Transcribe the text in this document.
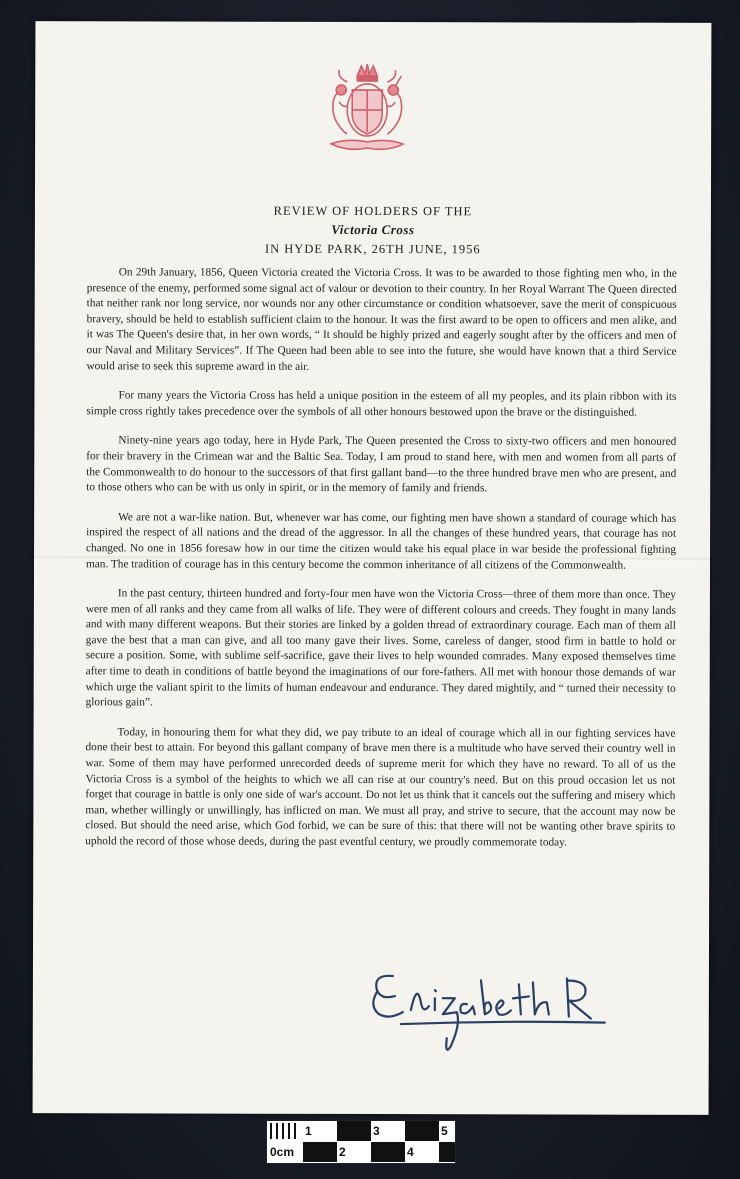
REVIEW OF HOLDERS OF THE
Victoria Cross
IN HYDE PARK, 26TH JUNE, 1956

On 29th January, 1856, Queen Victoria created the Victoria Cross. It was to be awarded to those fighting men who, in the presence of the enemy, performed some signal act of valour or devotion to their country. In her Royal Warrant The Queen directed that neither rank nor long service, nor wounds nor any other circumstance or condition whatsoever, save the merit of conspicuous bravery, should be held to establish sufficient claim to the honour. It was the first award to be open to officers and men alike, and it was The Queen's desire that, in her own words, “ It should be highly prized and eagerly sought after by the officers and men of our Naval and Military Services”. If The Queen had been able to see into the future, she would have known that a third Service would arise to seek this supreme award in the air.

For many years the Victoria Cross has held a unique position in the esteem of all my peoples, and its plain ribbon with its simple cross rightly takes precedence over the symbols of all other honours bestowed upon the brave or the distinguished.

Ninety-nine years ago today, here in Hyde Park, The Queen presented the Cross to sixty-two officers and men honoured for their bravery in the Crimean war and the Baltic Sea. Today, I am proud to stand here, with men and women from all parts of the Commonwealth to do honour to the successors of that first gallant band—to the three hundred brave men who are present, and to those others who can be with us only in spirit, or in the memory of family and friends.

We are not a war-like nation. But, whenever war has come, our fighting men have shown a standard of courage which has inspired the respect of all nations and the dread of the aggressor. In all the changes of these hundred years, that courage has not changed. No one in 1856 foresaw how in our time the citizen would take his equal place in war beside the professional fighting man. The tradition of courage has in this century become the common inheritance of all citizens of the Commonwealth.

In the past century, thirteen hundred and forty-four men have won the Victoria Cross—three of them more than once. They were men of all ranks and they came from all walks of life. They were of different colours and creeds. They fought in many lands and with many different weapons. But their stories are linked by a golden thread of extraordinary courage. Each man of them all gave the best that a man can give, and all too many gave their lives. Some, careless of danger, stood firm in battle to hold or secure a position. Some, with sublime self-sacrifice, gave their lives to help wounded comrades. Many exposed themselves time after time to death in conditions of battle beyond the imaginations of our fore-fathers. All met with honour those demands of war which urge the valiant spirit to the limits of human endeavour and endurance. They dared mightily, and “ turned their necessity to glorious gain”.

Today, in honouring them for what they did, we pay tribute to an ideal of courage which all in our fighting services have done their best to attain. For beyond this gallant company of brave men there is a multitude who have served their country well in war. Some of them may have performed unrecorded deeds of supreme merit for which they have no reward. To all of us the Victoria Cross is a symbol of the heights to which we all can rise at our country's need. But on this proud occasion let us not forget that courage in battle is only one side of war's account. Do not let us think that it cancels out the suffering and misery which man, whether willingly or unwillingly, has inflicted on man. We must all pray, and strive to secure, that the account may now be closed. But should the need arise, which God forbid, we can be sure of this: that there will not be wanting other brave spirits to uphold the record of those whose deeds, during the past eventful century, we proudly commemorate today.

1	3	5
0cm	2	4
